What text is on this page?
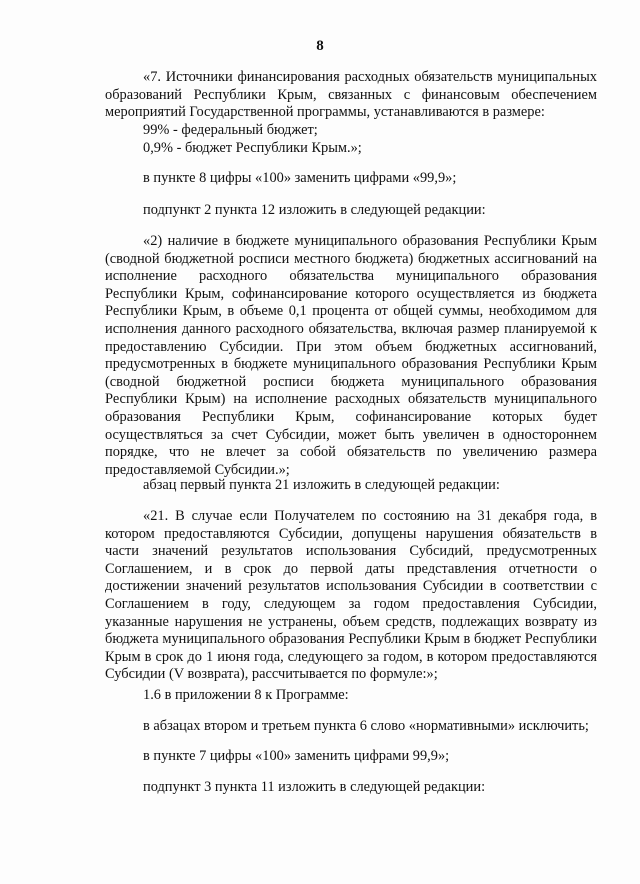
8

«7. Источники финансирования расходных обязательств муниципальных образований Республики Крым, связанных с финансовым обеспечением мероприятий Государственной программы, устанавливаются в размере:

99% - федеральный бюджет;

0,9% - бюджет Республики Крым.»;

в пункте 8 цифры «100» заменить цифрами «99,9»;

подпункт 2 пункта 12 изложить в следующей редакции:

«2) наличие в бюджете муниципального образования Республики Крым (сводной бюджетной росписи местного бюджета) бюджетных ассигнований на исполнение расходного обязательства муниципального образования Республики Крым, софинансирование которого осуществляется из бюджета Республики Крым, в объеме 0,1 процента от общей суммы, необходимом для исполнения данного расходного обязательства, включая размер планируемой к предоставлению Субсидии. При этом объем бюджетных ассигнований, предусмотренных в бюджете муниципального образования Республики Крым (сводной бюджетной росписи бюджета муниципального образования Республики Крым) на исполнение расходных обязательств муниципального образования Республики Крым, софинансирование которых будет осуществляться за счет Субсидии, может быть увеличен в одностороннем порядке, что не влечет за собой обязательств по увеличению размера предоставляемой Субсидии.»;

абзац первый пункта 21 изложить в следующей редакции:

«21. В случае если Получателем по состоянию на 31 декабря года, в котором предоставляются Субсидии, допущены нарушения обязательств в части значений результатов использования Субсидий, предусмотренных Соглашением, и в срок до первой даты представления отчетности о достижении значений результатов использования Субсидии в соответствии с Соглашением в году, следующем за годом предоставления Субсидии, указанные нарушения не устранены, объем средств, подлежащих возврату из бюджета муниципального образования Республики Крым в бюджет Республики Крым в срок до 1 июня года, следующего за годом, в котором предоставляются Субсидии (V возврата), рассчитывается по формуле:»;

1.6 в приложении 8 к Программе:

в абзацах втором и третьем пункта 6 слово «нормативными» исключить;

в пункте 7 цифры «100» заменить цифрами 99,9»;

подпункт 3 пункта 11 изложить в следующей редакции:
